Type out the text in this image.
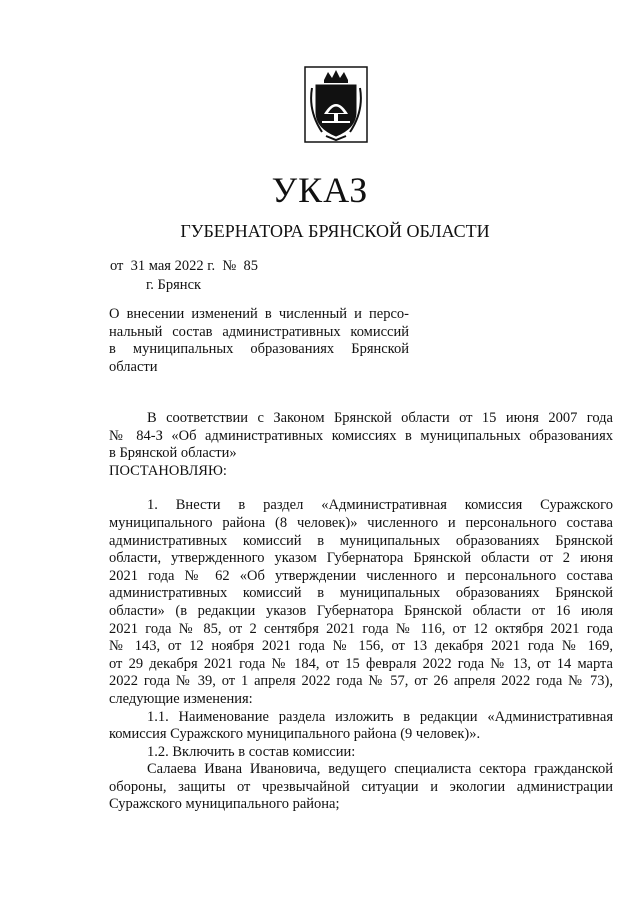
УКАЗ
ГУБЕРНАТОРА БРЯНСКОЙ ОБЛАСТИ
от  31 мая 2022 г.  №  85
г. Брянск
О внесении изменений в численный и персо-
нальный состав административных комиссий
в муниципальных образованиях Брянской
области
В соответствии с Законом Брянской области от 15 июня 2007 года
№ 84-З «Об административных комиссиях в муниципальных образованиях
в Брянской области»
ПОСТАНОВЛЯЮ:
1. Внести в раздел «Административная комиссия Суражского
муниципального района (8 человек)» численного и персонального состава
административных комиссий в муниципальных образованиях Брянской
области, утвержденного указом Губернатора Брянской области от 2 июня
2021 года № 62 «Об утверждении численного и персонального состава
административных комиссий в муниципальных образованиях Брянской
области» (в редакции указов Губернатора Брянской области от 16 июля
2021 года № 85, от 2 сентября 2021 года № 116, от 12 октября 2021 года
№ 143, от 12 ноября 2021 года № 156, от 13 декабря 2021 года № 169,
от 29 декабря 2021 года № 184, от 15 февраля 2022 года № 13, от 14 марта
2022 года № 39, от 1 апреля 2022 года № 57, от 26 апреля 2022 года № 73),
следующие изменения:
1.1. Наименование раздела изложить в редакции «Административная
комиссия Суражского муниципального района (9 человек)».
1.2. Включить в состав комиссии:
Салаева Ивана Ивановича, ведущего специалиста сектора гражданской
обороны, защиты от чрезвычайной ситуации и экологии администрации
Суражского муниципального района;
